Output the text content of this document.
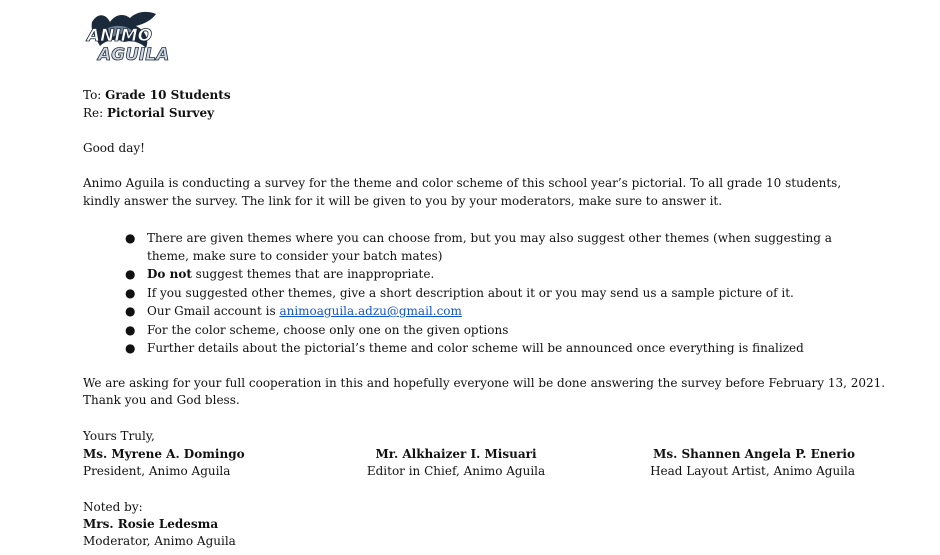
ANIMO
AGUILA
To: Grade 10 Students
Re: Pictorial Survey
Good day!
Animo Aguila is conducting a survey for the theme and color scheme of this school year’s pictorial. To all grade 10 students, kindly answer the survey. The link for it will be given to you by your moderators, make sure to answer it.
● There are given themes where you can choose from, but you may also suggest other themes (when suggesting a theme, make sure to consider your batch mates)
● Do not suggest themes that are inappropriate.
● If you suggested other themes, give a short description about it or you may send us a sample picture of it.
● Our Gmail account is animoaguila.adzu@gmail.com
● For the color scheme, choose only one on the given options
● Further details about the pictorial’s theme and color scheme will be announced once everything is finalized
We are asking for your full cooperation in this and hopefully everyone will be done answering the survey before February 13, 2021.
Thank you and God bless.
Yours Truly,
Ms. Myrene A. Domingo
President, Animo Aguila
Mr. Alkhaizer I. Misuari
Editor in Chief, Animo Aguila
Ms. Shannen Angela P. Enerio
Head Layout Artist, Animo Aguila
Noted by:
Mrs. Rosie Ledesma
Moderator, Animo Aguila
